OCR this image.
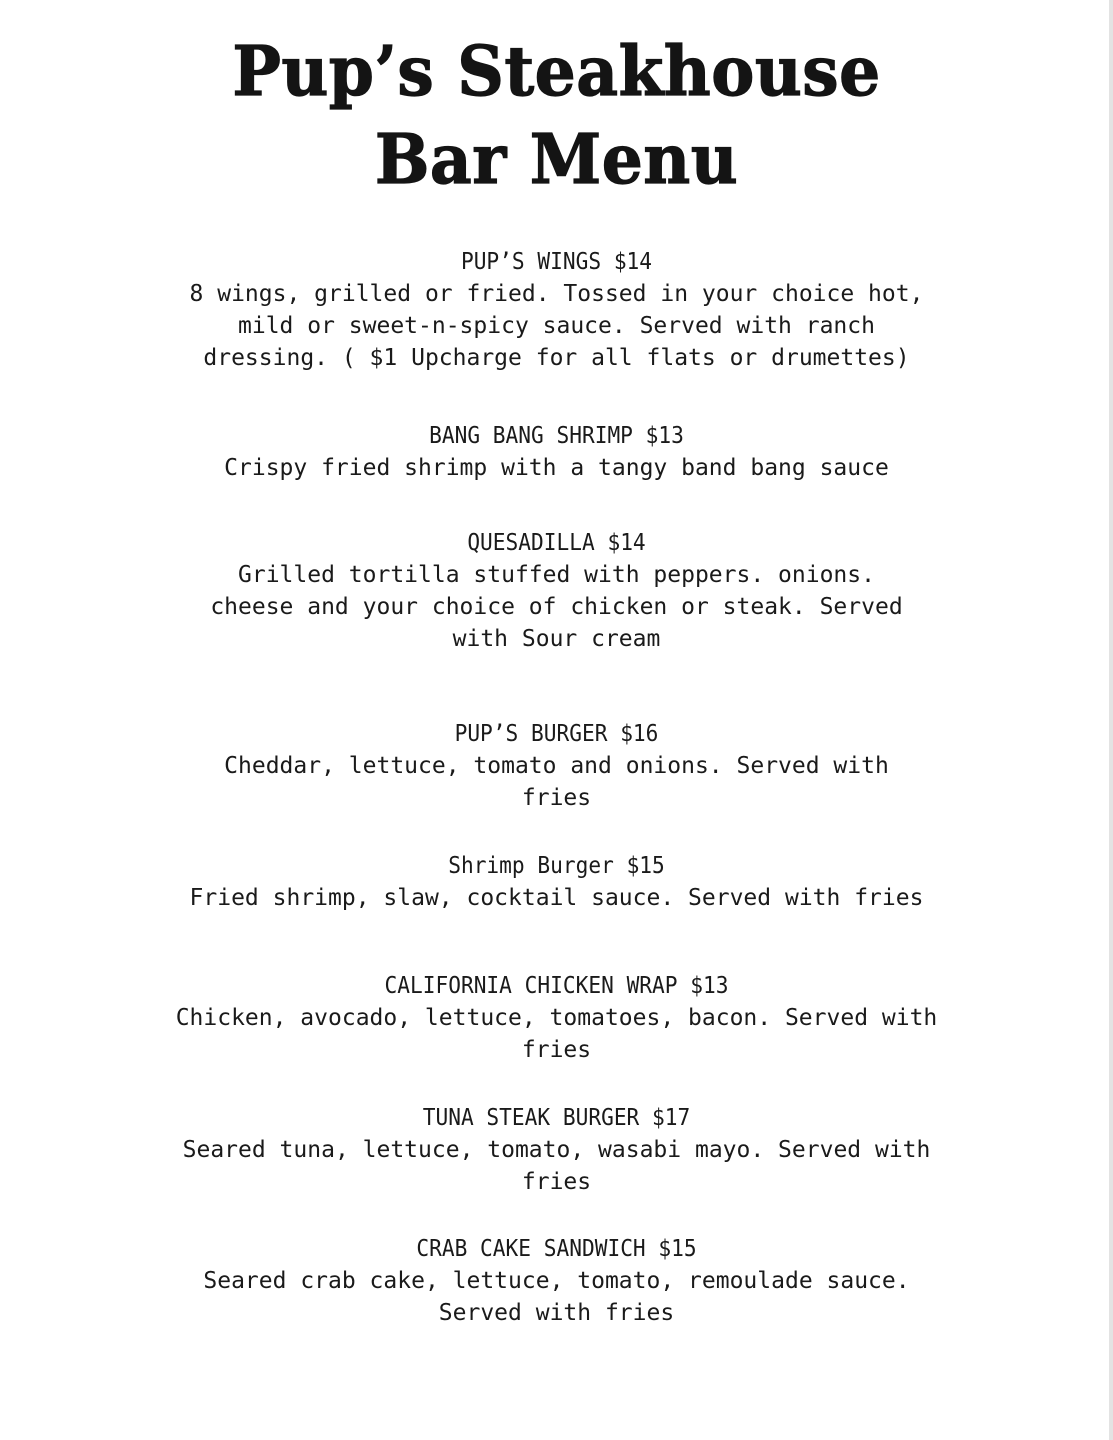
Pup’s Steakhouse
Bar Menu
PUP’S WINGS $14
8 wings, grilled or fried. Tossed in your choice hot,
mild or sweet-n-spicy sauce. Served with ranch
dressing. ( $1 Upcharge for all flats or drumettes)
BANG BANG SHRIMP $13
Crispy fried shrimp with a tangy band bang sauce
QUESADILLA $14
Grilled tortilla stuffed with peppers. onions.
cheese and your choice of chicken or steak. Served
with Sour cream
PUP’S BURGER $16
Cheddar, lettuce, tomato and onions. Served with
fries
Shrimp Burger $15
Fried shrimp, slaw, cocktail sauce. Served with fries
CALIFORNIA CHICKEN WRAP $13
Chicken, avocado, lettuce, tomatoes, bacon. Served with
fries
TUNA STEAK BURGER $17
Seared tuna, lettuce, tomato, wasabi mayo. Served with
fries
CRAB CAKE SANDWICH $15
Seared crab cake, lettuce, tomato, remoulade sauce.
Served with fries
